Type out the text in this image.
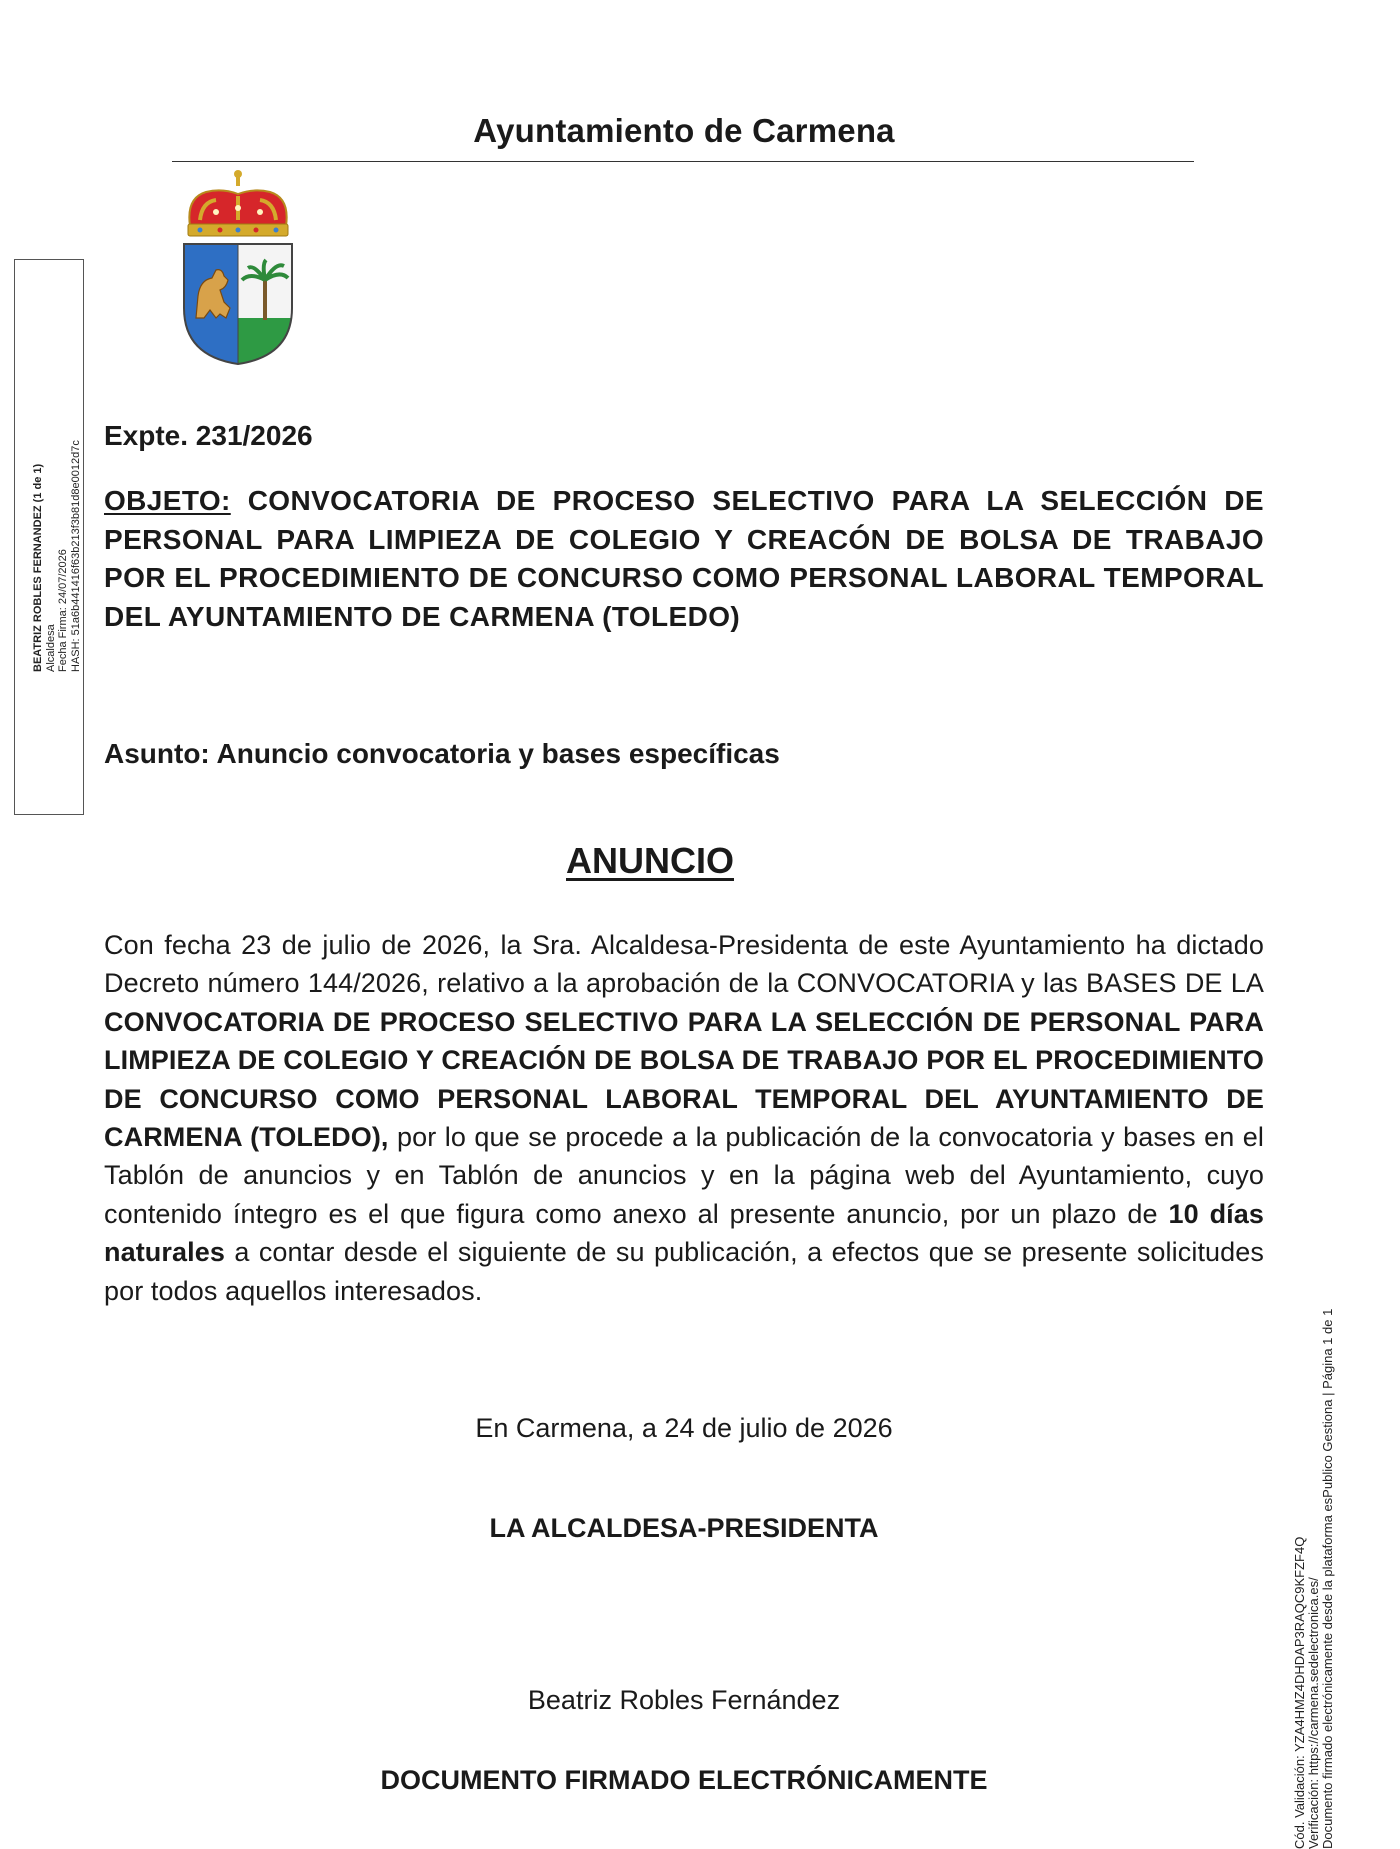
Ayuntamiento de Carmena
BEATRIZ ROBLES FERNANDEZ (1 de 1) Alcaldesa Fecha Firma: 24/07/2026 HASH: 51a6b441416f63b213f3b81d8e0012d7c
Expte. 231/2026
OBJETO: CONVOCATORIA DE PROCESO SELECTIVO PARA LA SELECCIÓN DE PERSONAL PARA LIMPIEZA DE COLEGIO Y CREACÓN DE BOLSA DE TRABAJO POR EL PROCEDIMIENTO DE CONCURSO COMO PERSONAL LABORAL TEMPORAL DEL AYUNTAMIENTO DE CARMENA (TOLEDO)
Asunto: Anuncio convocatoria y bases específicas
ANUNCIO
Con fecha 23 de julio de 2026, la Sra. Alcaldesa-Presidenta de este Ayuntamiento ha dictado Decreto número 144/2026, relativo a la aprobación de la CONVOCATORIA y las BASES DE LA CONVOCATORIA DE PROCESO SELECTIVO PARA LA SELECCIÓN DE PERSONAL PARA LIMPIEZA DE COLEGIO Y CREACIÓN DE BOLSA DE TRABAJO POR EL PROCEDIMIENTO DE CONCURSO COMO PERSONAL LABORAL TEMPORAL DEL AYUNTAMIENTO DE CARMENA (TOLEDO), por lo que se procede a la publicación de la convocatoria y bases en el Tablón de anuncios y en Tablón de anuncios y en la página web del Ayuntamiento, cuyo contenido íntegro es el que figura como anexo al presente anuncio, por un plazo de 10 días naturales a contar desde el siguiente de su publicación, a efectos que se presente solicitudes por todos aquellos interesados.
En Carmena, a 24 de julio de 2026
LA ALCALDESA-PRESIDENTA
Beatriz Robles Fernández
DOCUMENTO FIRMADO ELECTRÓNICAMENTE	Cód. Validación: YZA4HMZ4DHDAP3RAQC9KFZF4Q Verificación: https://carmena.sedelectronica.es/ Documento firmado electrónicamente desde la plataforma esPublico Gestiona | Página 1 de 1
